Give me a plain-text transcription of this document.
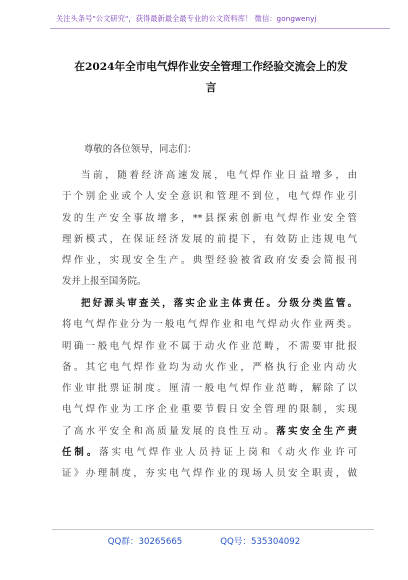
关注头条号"公文研究"，获得最新最全最专业的公文资料库！ 微信：gongwenyj
在2024年全市电气焊作业安全管理工作经验交流会上的发
言
尊敬的各位领导，同志们：
当前，随着经济高速发展，电气焊作业日益增多，由
于个别企业或个人安全意识和管理不到位，电气焊作业引
发的生产安全事故增多，**县探索创新电气焊作业安全管
理新模式，在保证经济发展的前提下，有效防止违规电气
焊作业，实现安全生产。典型经验被省政府安委会简报刊
发并上报至国务院。
把好源头审查关，落实企业主体责任。分级分类监管。
将电气焊作业分为一般电气焊作业和电气焊动火作业两类。
明确一般电气焊作业不属于动火作业范畴，不需要审批报
备。其它电气焊作业均为动火作业，严格执行企业内动火
作业审批票证制度。厘清一般电气焊作业范畴，解除了以
电气焊作业为工序企业重要节假日安全管理的限制，实现
了高水平安全和高质量发展的良性互动。落实安全生产责
任制。落实电气焊作业人员持证上岗和《动火作业许可
证》办理制度，夯实电气焊作业的现场人员安全职责，做
QQ群：30265665	QQ号：535304092
